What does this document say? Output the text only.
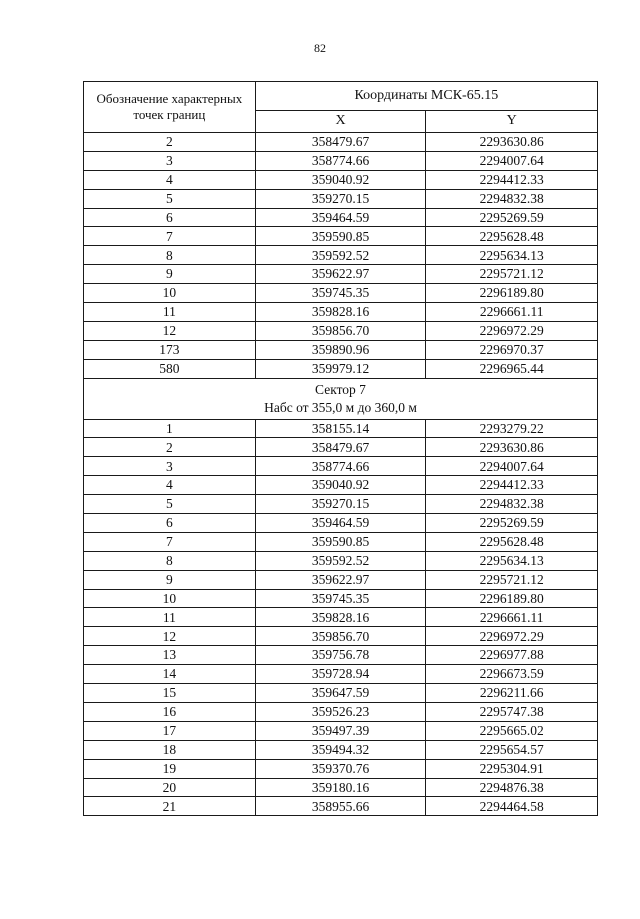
82
Обозначение характерных точек границ	Координаты МСК-65.15	
	X	Y
2	358479.67	2293630.86
3	358774.66	2294007.64
4	359040.92	2294412.33
5	359270.15	2294832.38
6	359464.59	2295269.59
7	359590.85	2295628.48
8	359592.52	2295634.13
9	359622.97	2295721.12
10	359745.35	2296189.80
11	359828.16	2296661.11
12	359856.70	2296972.29
173	359890.96	2296970.37
580	359979.12	2296965.44

Сектор 7
Набс от 355,0 м до 360,0 м		

1	358155.14	2293279.22
2	358479.67	2293630.86
3	358774.66	2294007.64
4	359040.92	2294412.33
5	359270.15	2294832.38
6	359464.59	2295269.59
7	359590.85	2295628.48
8	359592.52	2295634.13
9	359622.97	2295721.12
10	359745.35	2296189.80
11	359828.16	2296661.11
12	359856.70	2296972.29
13	359756.78	2296977.88
14	359728.94	2296673.59
15	359647.59	2296211.66
16	359526.23	2295747.38
17	359497.39	2295665.02
18	359494.32	2295654.57
19	359370.76	2295304.91
20	359180.16	2294876.38
21	358955.66	2294464.58
